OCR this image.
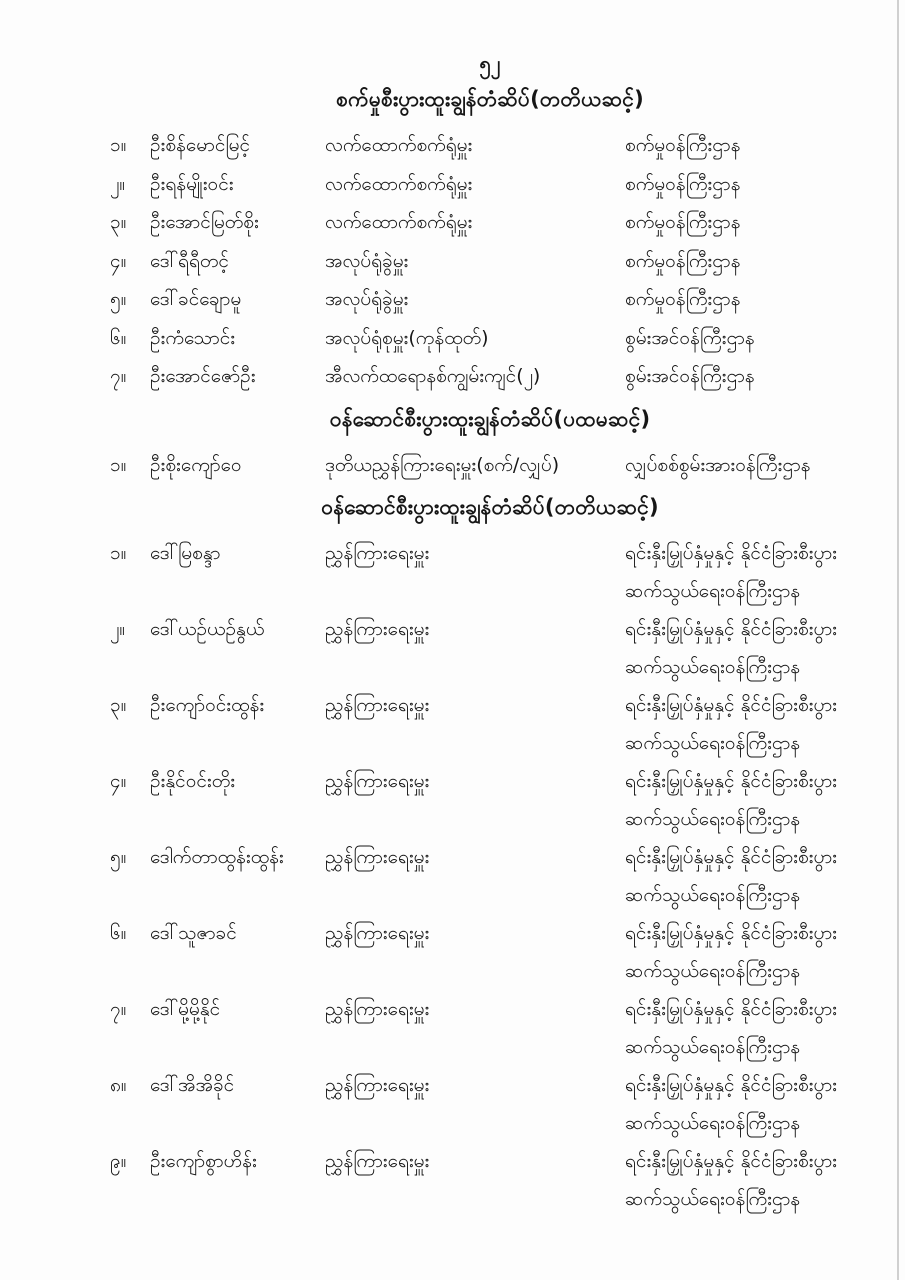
၅၂
စက်မှုစီးပွားထူးချွန်တံဆိပ်(တတိယဆင့်)
၁။	ဦးစိန်မောင်မြင့်	လက်ထောက်စက်ရုံမှူး	စက်မှုဝန်ကြီးဌာန
၂။	ဦးရန်မျိုးဝင်း	လက်ထောက်စက်ရုံမှူး	စက်မှုဝန်ကြီးဌာန
၃။	ဦးအောင်မြတ်စိုး	လက်ထောက်စက်ရုံမှူး	စက်မှုဝန်ကြီးဌာန
၄။	ဒေါ်ရီရီတင့်	အလုပ်ရုံခွဲမှူး	စက်မှုဝန်ကြီးဌာန
၅။	ဒေါ်ခင်ချောမူ	အလုပ်ရုံခွဲမှူး	စက်မှုဝန်ကြီးဌာန
၆။	ဦးကံသောင်း	အလုပ်ရုံစုမှူး(ကုန်ထုတ်)	စွမ်းအင်ဝန်ကြီးဌာန
၇။	ဦးအောင်ဇော်ဦး	အီလက်ထရောနစ်ကျွမ်းကျင်(၂)	စွမ်းအင်ဝန်ကြီးဌာန
ဝန်ဆောင်စီးပွားထူးချွန်တံဆိပ်(ပထမဆင့်)
၁။	ဦးစိုးကျော်ဝေ	ဒုတိယညွှန်ကြားရေးမှူး(စက်/လျှပ်)	လျှပ်စစ်စွမ်းအားဝန်ကြီးဌာန
ဝန်ဆောင်စီးပွားထူးချွန်တံဆိပ်(တတိယဆင့်)
၁။	ဒေါ်မြစန္ဒာ	ညွှန်ကြားရေးမှူး	ရင်းနှီးမြှုပ်နှံမှုနှင့် နိုင်ငံခြားစီးပွား
ဆက်သွယ်ရေးဝန်ကြီးဌာန
၂။	ဒေါ်ယဉ်ယဉ်နွယ်	ညွှန်ကြားရေးမှူး	ရင်းနှီးမြှုပ်နှံမှုနှင့် နိုင်ငံခြားစီးပွား
ဆက်သွယ်ရေးဝန်ကြီးဌာန
၃။	ဦးကျော်ဝင်းထွန်း	ညွှန်ကြားရေးမှူး	ရင်းနှီးမြှုပ်နှံမှုနှင့် နိုင်ငံခြားစီးပွား
ဆက်သွယ်ရေးဝန်ကြီးဌာန
၄။	ဦးနိုင်ဝင်းတိုး	ညွှန်ကြားရေးမှူး	ရင်းနှီးမြှုပ်နှံမှုနှင့် နိုင်ငံခြားစီးပွား
ဆက်သွယ်ရေးဝန်ကြီးဌာန
၅။	ဒေါက်တာထွန်းထွန်း	ညွှန်ကြားရေးမှူး	ရင်းနှီးမြှုပ်နှံမှုနှင့် နိုင်ငံခြားစီးပွား
ဆက်သွယ်ရေးဝန်ကြီးဌာန
၆။	ဒေါ်သူဇာခင်	ညွှန်ကြားရေးမှူး	ရင်းနှီးမြှုပ်နှံမှုနှင့် နိုင်ငံခြားစီးပွား
ဆက်သွယ်ရေးဝန်ကြီးဌာန
၇။	ဒေါ်မို့မို့နိုင်	ညွှန်ကြားရေးမှူး	ရင်းနှီးမြှုပ်နှံမှုနှင့် နိုင်ငံခြားစီးပွား
ဆက်သွယ်ရေးဝန်ကြီးဌာန
၈။	ဒေါ်အိအိခိုင်	ညွှန်ကြားရေးမှူး	ရင်းနှီးမြှုပ်နှံမှုနှင့် နိုင်ငံခြားစီးပွား
ဆက်သွယ်ရေးဝန်ကြီးဌာန
၉။	ဦးကျော်စွာဟိန်း	ညွှန်ကြားရေးမှူး	ရင်းနှီးမြှုပ်နှံမှုနှင့် နိုင်ငံခြားစီးပွား
ဆက်သွယ်ရေးဝန်ကြီးဌာန
